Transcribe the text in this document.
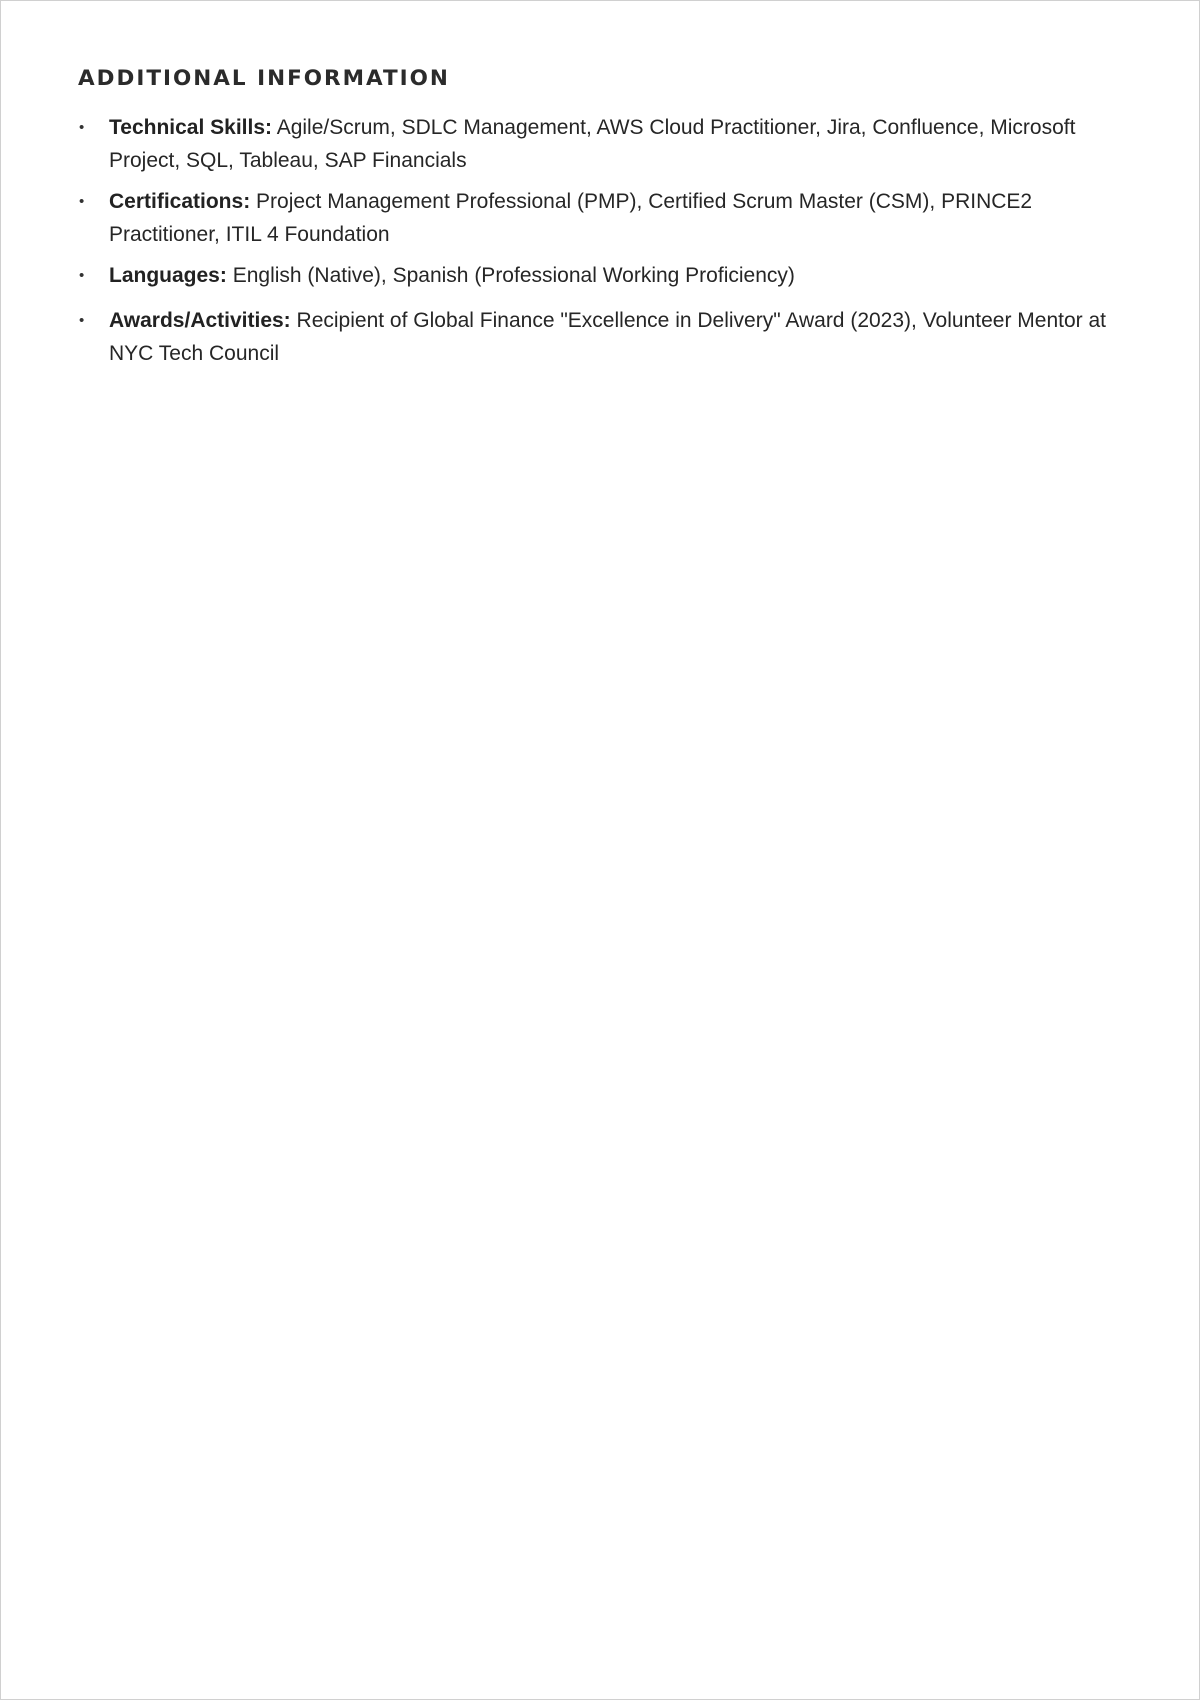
ADDITIONAL INFORMATION
• Technical Skills: Agile/Scrum, SDLC Management, AWS Cloud Practitioner, Jira, Confluence, Microsoft Project, SQL, Tableau, SAP Financials
• Certifications: Project Management Professional (PMP), Certified Scrum Master (CSM), PRINCE2 Practitioner, ITIL 4 Foundation
• Languages: English (Native), Spanish (Professional Working Proficiency)
• Awards/Activities: Recipient of Global Finance "Excellence in Delivery" Award (2023), Volunteer Mentor at NYC Tech Council
